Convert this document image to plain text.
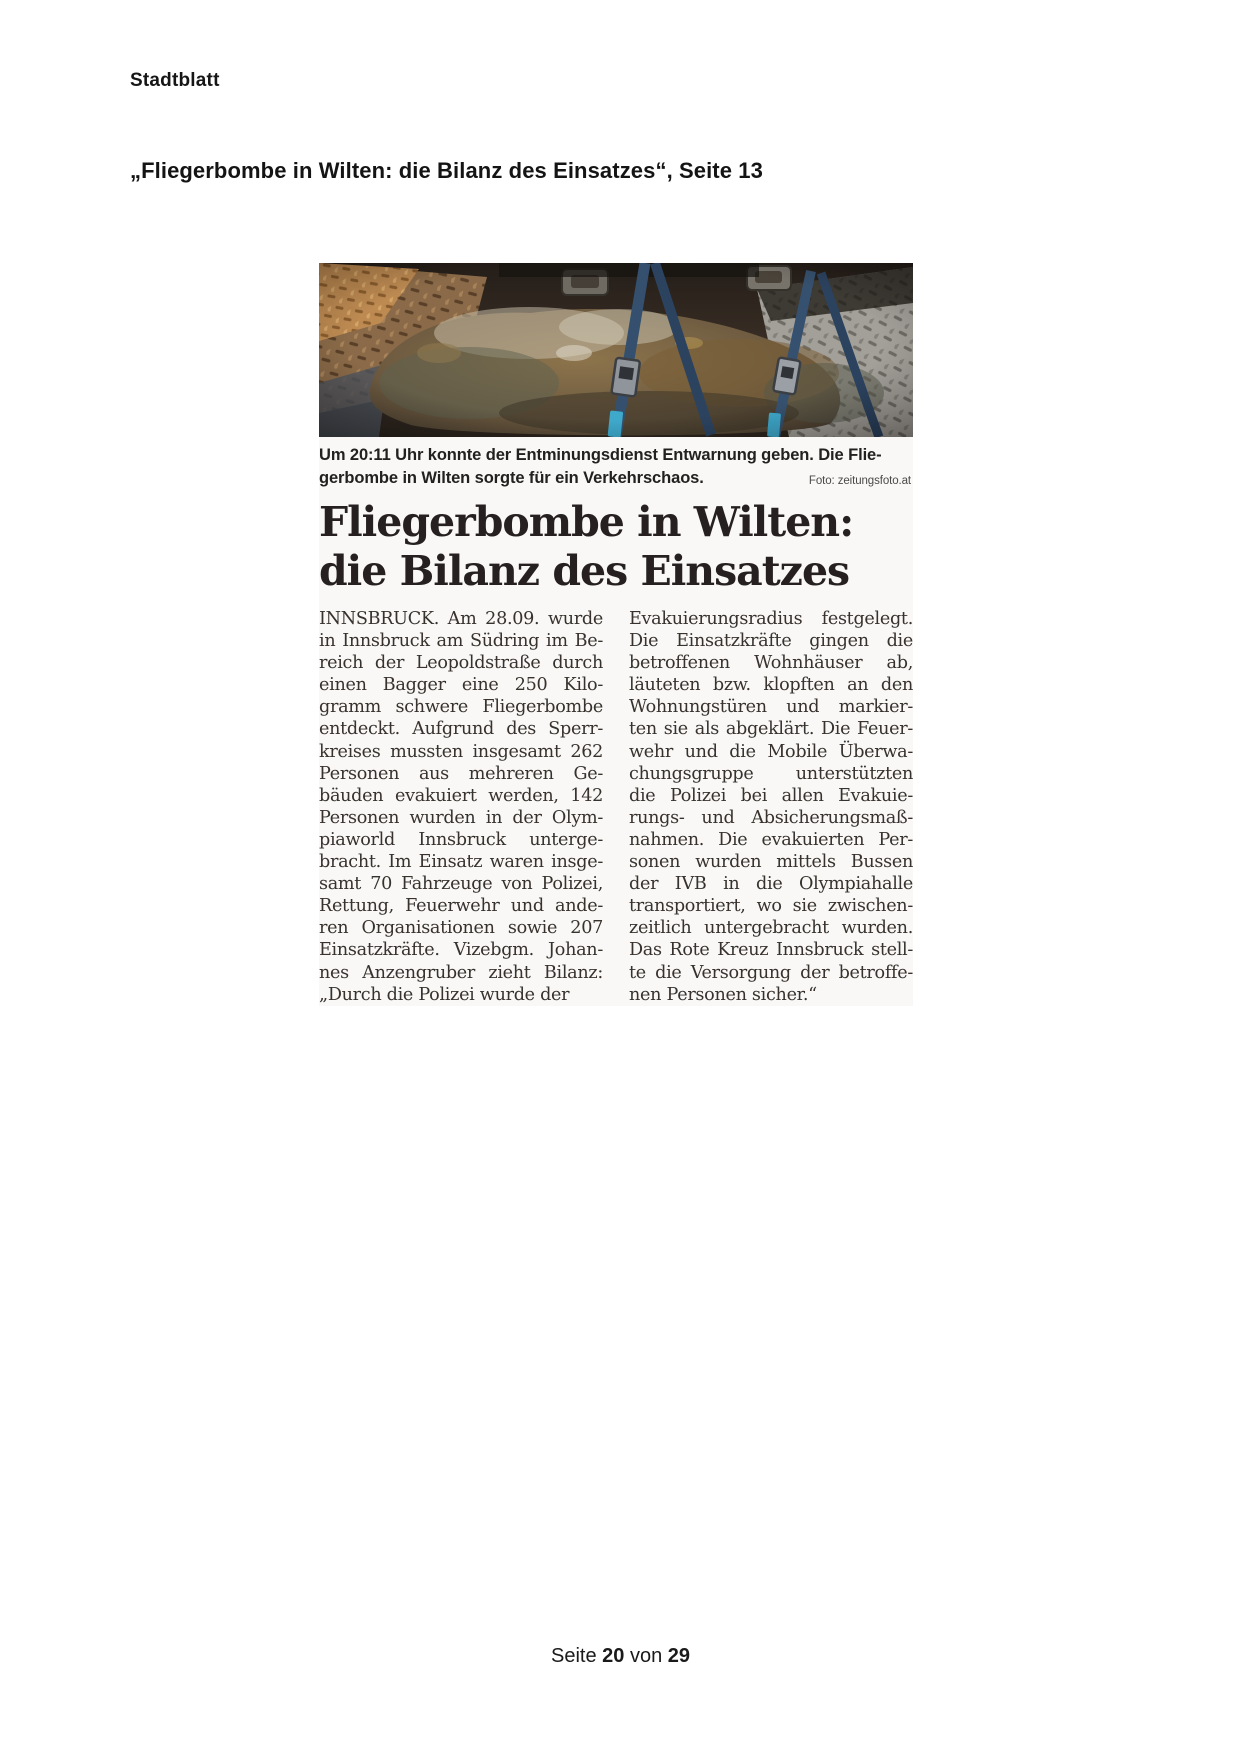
Stadtblatt
„Fliegerbombe in Wilten: die Bilanz des Einsatzes“, Seite 13
Um 20:11 Uhr konnte der Entminungsdienst Entwarnung geben. Die Flie-
gerbombe in Wilten sorgte für ein Verkehrschaos.	Foto: zeitungsfoto.at
Fliegerbombe in Wilten:
die Bilanz des Einsatzes
INNSBRUCK. Am 28.09. wurde
in Innsbruck am Südring im Be-
reich der Leopoldstraße durch
einen Bagger eine 250 Kilo-
gramm schwere Fliegerbombe
entdeckt. Aufgrund des Sperr-
kreises mussten insgesamt 262
Personen aus mehreren Ge-
bäuden evakuiert werden, 142
Personen wurden in der Olym-
piaworld Innsbruck unterge-
bracht. Im Einsatz waren insge-
samt 70 Fahrzeuge von Polizei,
Rettung, Feuerwehr und ande-
ren Organisationen sowie 207
Einsatzkräfte. Vizebgm. Johan-
nes Anzengruber zieht Bilanz:
„Durch die Polizei wurde der
Evakuierungsradius festgelegt.
Die Einsatzkräfte gingen die
betroffenen Wohnhäuser ab,
läuteten bzw. klopften an den
Wohnungstüren und markier-
ten sie als abgeklärt. Die Feuer-
wehr und die Mobile Überwa-
chungsgruppe unterstützten
die Polizei bei allen Evakuie-
rungs- und Absicherungsmaß-
nahmen. Die evakuierten Per-
sonen wurden mittels Bussen
der IVB in die Olympiahalle
transportiert, wo sie zwischen-
zeitlich untergebracht wurden.
Das Rote Kreuz Innsbruck stell-
te die Versorgung der betroffe-
nen Personen sicher.“
Seite 20 von 29
